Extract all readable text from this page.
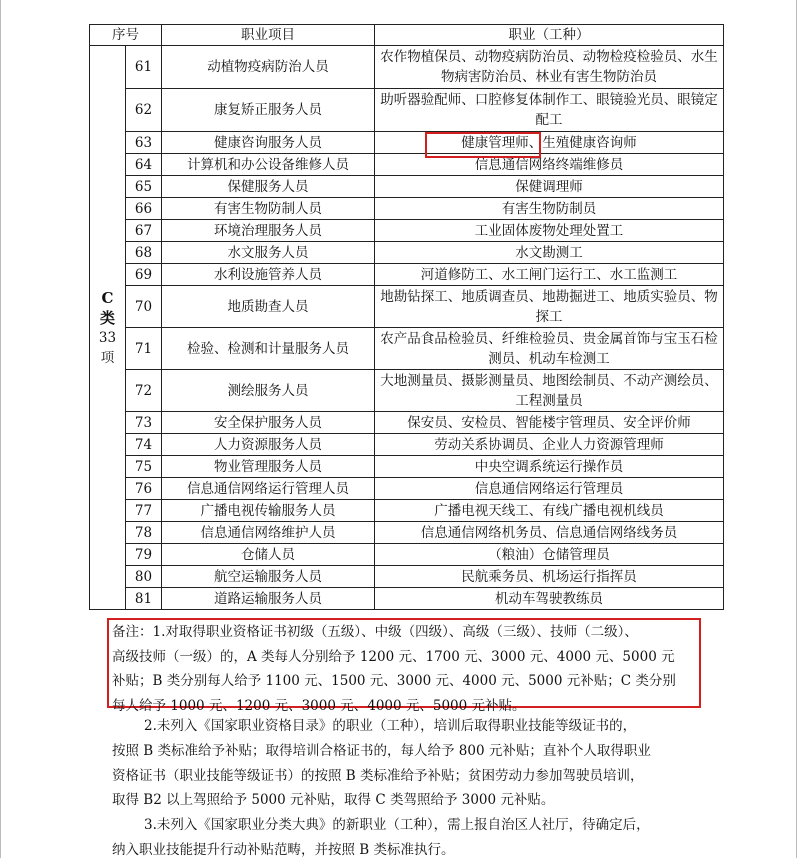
序号		职业项目	职业（工种）

C
类
33
项	61	动植物疫病防治人员	农作物植保员、动物疫病防治员、动物检疫检验员、水生物病害防治员、林业有害生物防治员
	62	康复矫正服务人员	助听器验配师、口腔修复体制作工、眼镜验光员、眼镜定配工
	63	健康咨询服务人员	健康管理师、生殖健康咨询师
	64	计算机和办公设备维修人员	信息通信网络终端维修员
	65	保健服务人员	保健调理师
	66	有害生物防制人员	有害生物防制员
	67	环境治理服务人员	工业固体废物处理处置工
	68	水文服务人员	水文勘测工
	69	水利设施管养人员	河道修防工、水工闸门运行工、水工监测工
	70	地质勘查人员	地勘钻探工、地质调查员、地勘掘进工、地质实验员、物探工
	71	检验、检测和计量服务人员	农产品食品检验员、纤维检验员、贵金属首饰与宝玉石检测员、机动车检测工
	72	测绘服务人员	大地测量员、摄影测量员、地图绘制员、不动产测绘员、工程测量员
	73	安全保护服务人员	保安员、安检员、智能楼宇管理员、安全评价师
	74	人力资源服务人员	劳动关系协调员、企业人力资源管理师
	75	物业管理服务人员	中央空调系统运行操作员
	76	信息通信网络运行管理人员	信息通信网络运行管理员
	77	广播电视传输服务人员	广播电视天线工、有线广播电视机线员
	78	信息通信网络维护人员	信息通信网络机务员、信息通信网络线务员
	79	仓储人员	（粮油）仓储管理员
	80	航空运输服务人员	民航乘务员、机场运行指挥员
	81	道路运输服务人员	机动车驾驶教练员
备注：1.对取得职业资格证书初级（五级）、中级（四级）、高级（三级）、技师（二级）、
高级技师（一级）的，A 类每人分别给予 1200 元、1700 元、3000 元、4000 元、5000 元
补贴；B 类分别每人给予 1100 元、1500 元、3000 元、4000 元、5000 元补贴；C 类分别
每人给予 1000 元、1200 元、3000 元、4000 元、5000 元补贴。
2.未列入《国家职业资格目录》的职业（工种），培训后取得职业技能等级证书的，
按照 B 类标准给予补贴；取得培训合格证书的，每人给予 800 元补贴；直补个人取得职业
资格证书（职业技能等级证书）的按照 B 类标准给予补贴；贫困劳动力参加驾驶员培训，
取得 B2 以上驾照给予 5000 元补贴，取得 C 类驾照给予 3000 元补贴。
3.未列入《国家职业分类大典》的新职业（工种），需上报自治区人社厅，待确定后，
纳入职业技能提升行动补贴范畴，并按照 B 类标准执行。
